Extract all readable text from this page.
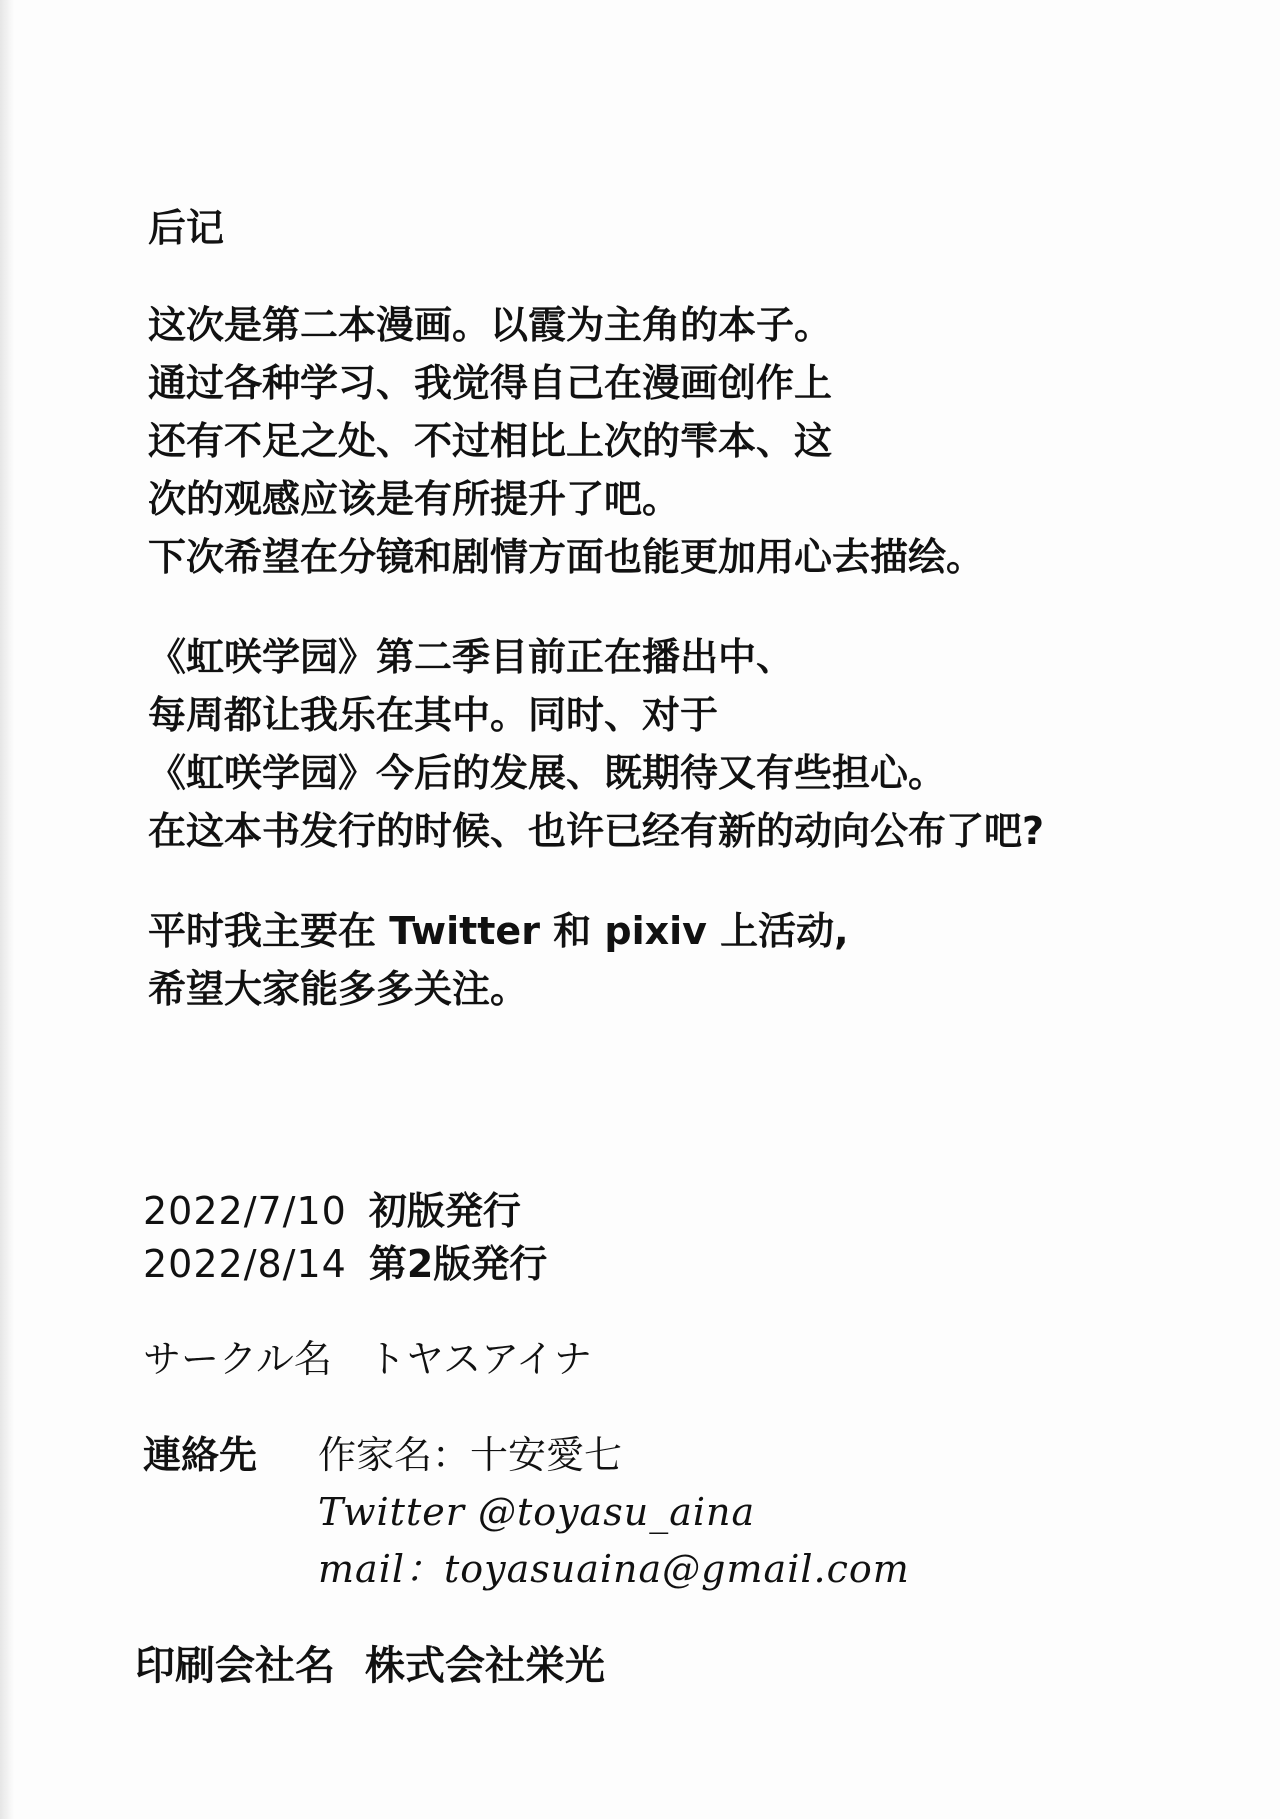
后记
这次是第二本漫画。以霞为主角的本子。
通过各种学习、我觉得自己在漫画创作上
还有不足之处、不过相比上次的雫本、这
次的观感应该是有所提升了吧。
下次希望在分镜和剧情方面也能更加用心去描绘。
《虹咲学园》第二季目前正在播出中、
每周都让我乐在其中。同时、对于
《虹咲学园》今后的发展、既期待又有些担心。
在这本书发行的时候、也许已经有新的动向公布了吧?
平时我主要在 Twitter 和 pixiv 上活动,
希望大家能多多关注。
2022/7/10 初版発行
2022/8/14 第2版発行
サークル名 トヤスアイナ
連絡先	作家名：十安愛七
Twitter @toyasu_aina
mail：toyasuaina@gmail.com
印刷会社名 株式会社栄光
